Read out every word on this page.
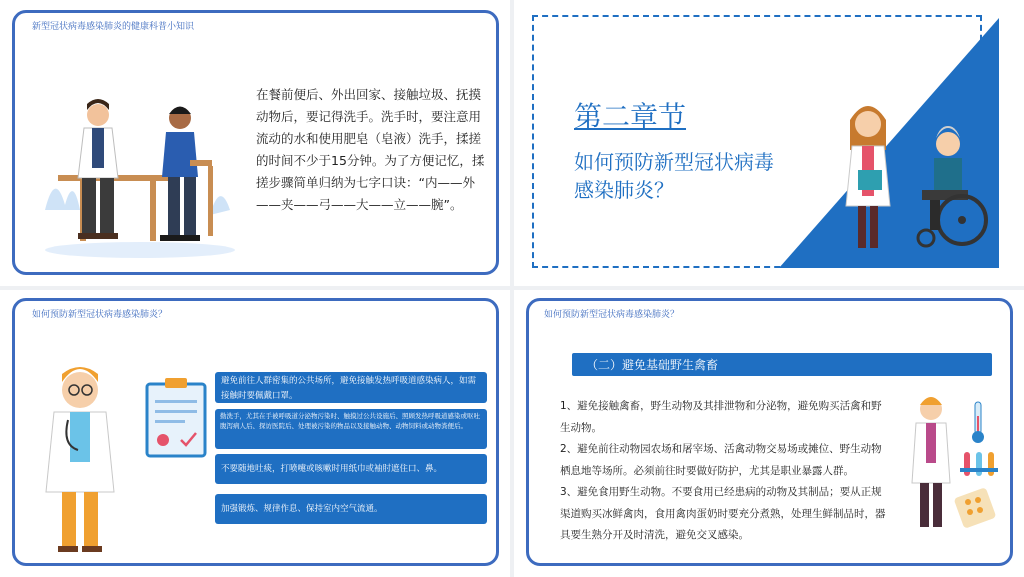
新型冠状病毒感染肺炎的健康科普小知识
在餐前便后、外出回家、接触垃圾、抚摸动物后，要记得洗手。洗手时，要注意用流动的水和使用肥皂（皂液）洗手，揉搓的时间不少于15分钟。为了方便记忆，揉搓步骤简单归纳为七字口诀：“内——外——夹——弓——大——立——腕”。
第二章节
如何预防新型冠状病毒感染肺炎？
如何预防新型冠状病毒感染肺炎？
避免前往人群密集的公共场所，避免接触发热呼吸道感染病人，如需接触时要佩戴口罩。
勤洗手，尤其在手被呼吸道分泌物污染时、触摸过公共设施后、照顾发热呼吸道感染或呕吐腹泻病人后、探访医院后、处理被污染的物品以及接触动物、动物饲料或动物粪便后。
不要随地吐痰，打喷嚏或咳嗽时用纸巾或袖肘遮住口、鼻。
加强锻炼、规律作息、保持室内空气流通。
如何预防新型冠状病毒感染肺炎？
（二）避免基础野生禽畜
1、避免接触禽畜，野生动物及其排泄物和分泌物，避免购买活禽和野生动物。
2、避免前往动物园农场和屠宰场、活禽动物交易场或摊位、野生动物栖息地等场所。必须前往时要做好防护，尤其是职业暴露人群。
3、避免食用野生动物。不要食用已经患病的动物及其制品；要从正规渠道购买冰鲜禽肉，食用禽肉蛋奶时要充分煮熟，处理生鲜制品时，器具要生熟分开及时清洗，避免交叉感染。
